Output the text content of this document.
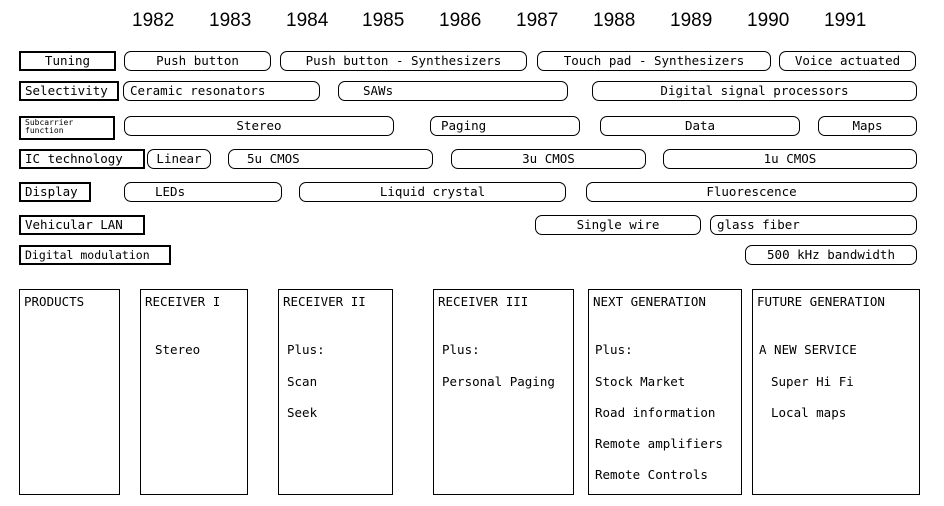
1982 1983 1984 1985 1986 1987 1988 1989 1990 1991
Tuning	Push button	Push button - Synthesizers	Touch pad - Synthesizers	Voice actuated
Selectivity	Ceramic resonators	SAWs	Digital signal processors
Subcarrier function	Stereo	Paging	Data	Maps
IC technology	Linear	5u CMOS	3u CMOS	1u CMOS
Display	LEDs	Liquid crystal	Fluorescence
Vehicular LAN	Single wire	glass fiber
Digital modulation	500 kHz bandwidth
PRODUCTS	RECEIVER I
Stereo
RECEIVER II
Plus:
Scan
Seek
RECEIVER III
Plus:
Personal Paging
NEXT GENERATION
Plus:
Stock Market
Road information
Remote amplifiers
Remote Controls
FUTURE GENERATION
A NEW SERVICE
Super Hi Fi
Local maps
